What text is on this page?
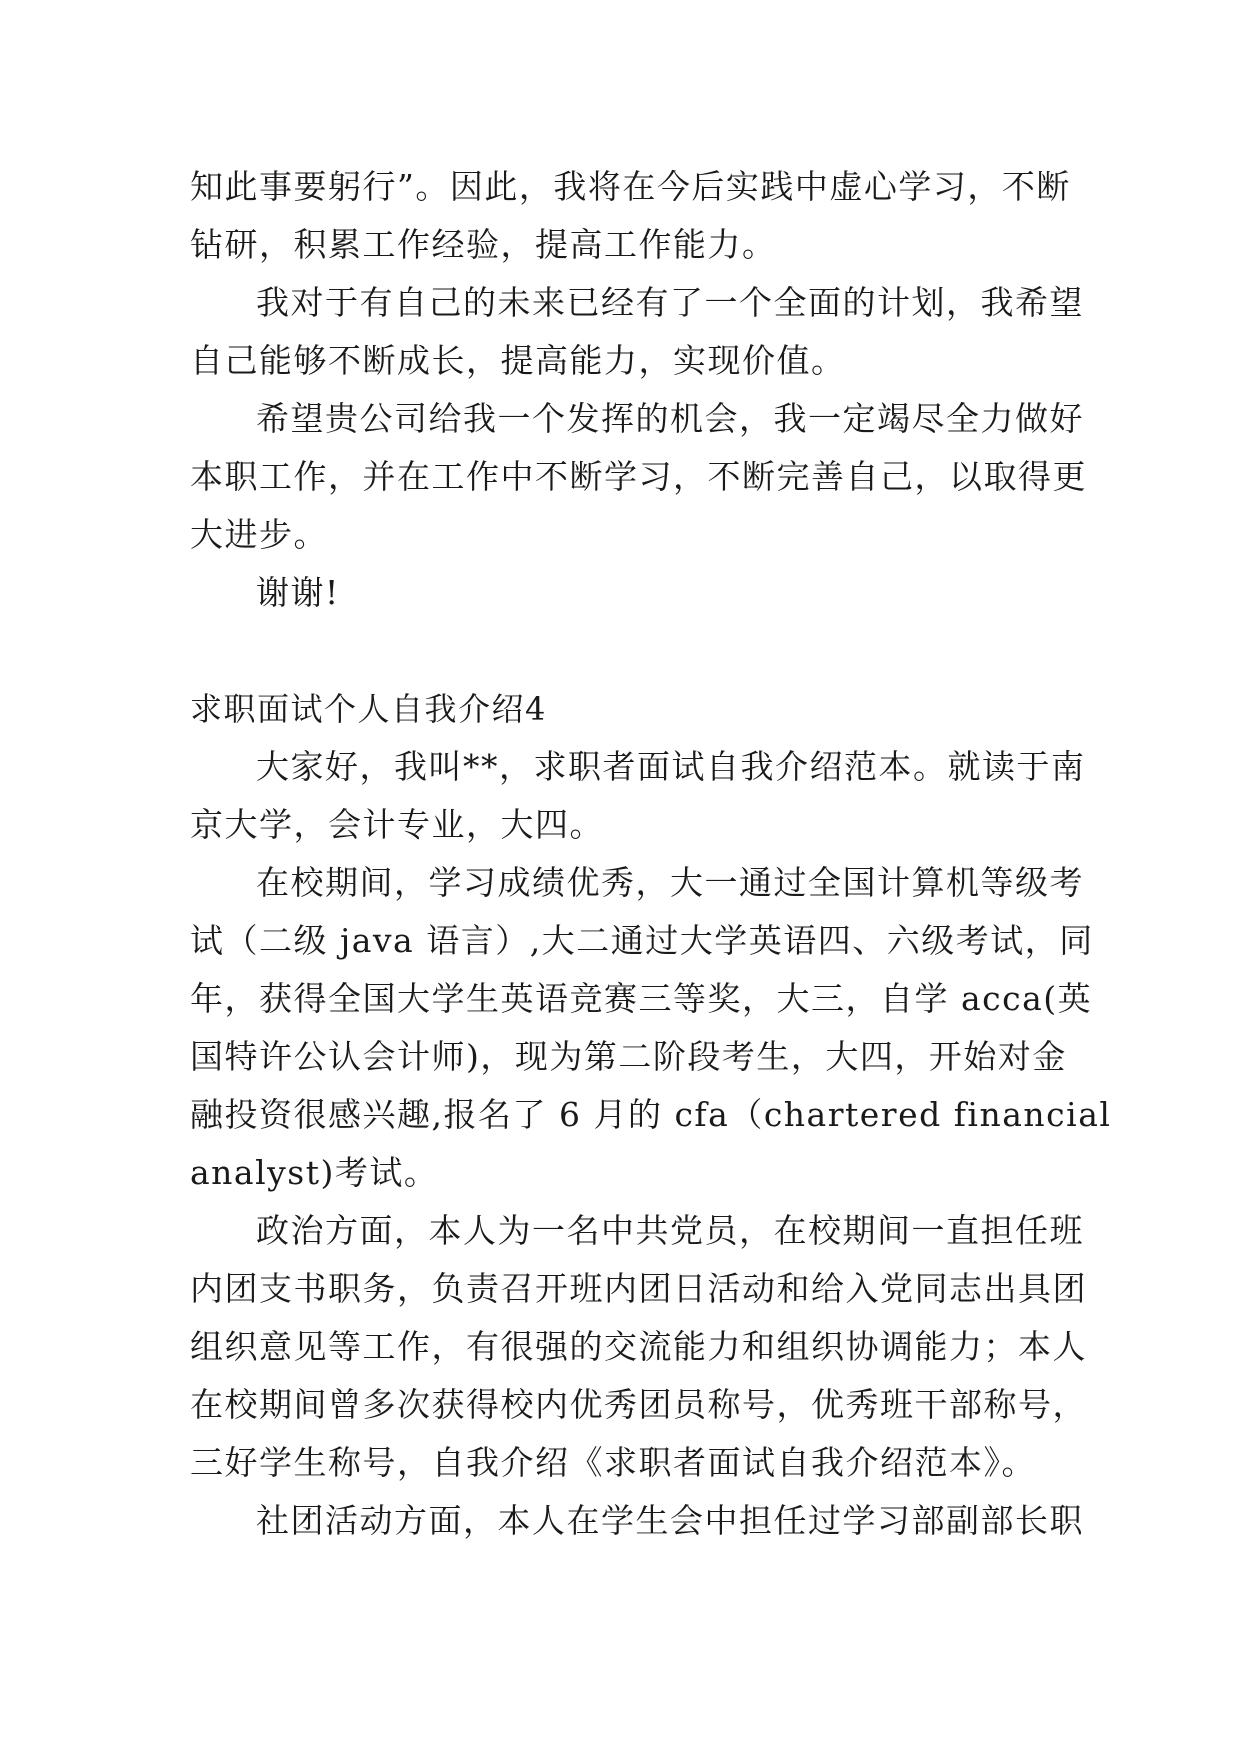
知此事要躬行”。因此，我将在今后实践中虚心学习，不断
钻研，积累工作经验，提高工作能力。
我对于有自己的未来已经有了一个全面的计划，我希望
自己能够不断成长，提高能力，实现价值。
希望贵公司给我一个发挥的机会，我一定竭尽全力做好
本职工作，并在工作中不断学习，不断完善自己，以取得更
大进步。
谢谢!
求职面试个人自我介绍4
大家好，我叫**，求职者面试自我介绍范本。就读于南
京大学，会计专业，大四。
在校期间，学习成绩优秀，大一通过全国计算机等级考
试（二级 java 语言）,大二通过大学英语四、六级考试，同
年，获得全国大学生英语竞赛三等奖，大三，自学 acca(英
国特许公认会计师)，现为第二阶段考生，大四，开始对金
融投资很感兴趣,报名了 6 月的 cfa（chartered financial
analyst)考试。
政治方面，本人为一名中共党员，在校期间一直担任班
内团支书职务，负责召开班内团日活动和给入党同志出具团
组织意见等工作，有很强的交流能力和组织协调能力；本人
在校期间曾多次获得校内优秀团员称号，优秀班干部称号，
三好学生称号，自我介绍《求职者面试自我介绍范本》。
社团活动方面，本人在学生会中担任过学习部副部长职
